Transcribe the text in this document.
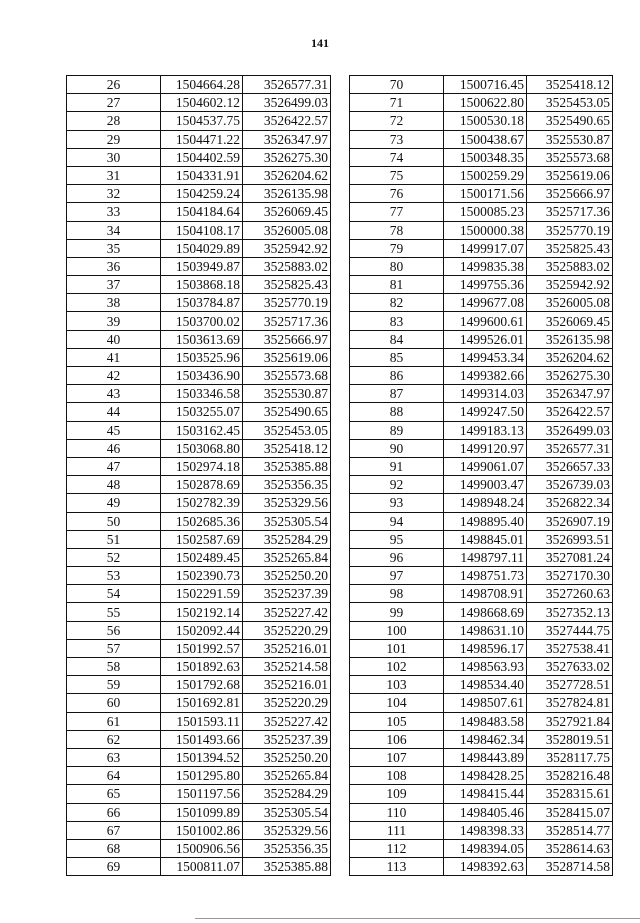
141
26	1504664.28	3526577.31
27	1504602.12	3526499.03
28	1504537.75	3526422.57
29	1504471.22	3526347.97
30	1504402.59	3526275.30
31	1504331.91	3526204.62
32	1504259.24	3526135.98
33	1504184.64	3526069.45
34	1504108.17	3526005.08
35	1504029.89	3525942.92
36	1503949.87	3525883.02
37	1503868.18	3525825.43
38	1503784.87	3525770.19
39	1503700.02	3525717.36
40	1503613.69	3525666.97
41	1503525.96	3525619.06
42	1503436.90	3525573.68
43	1503346.58	3525530.87
44	1503255.07	3525490.65
45	1503162.45	3525453.05
46	1503068.80	3525418.12
47	1502974.18	3525385.88
48	1502878.69	3525356.35
49	1502782.39	3525329.56
50	1502685.36	3525305.54
51	1502587.69	3525284.29
52	1502489.45	3525265.84
53	1502390.73	3525250.20
54	1502291.59	3525237.39
55	1502192.14	3525227.42
56	1502092.44	3525220.29
57	1501992.57	3525216.01
58	1501892.63	3525214.58
59	1501792.68	3525216.01
60	1501692.81	3525220.29
61	1501593.11	3525227.42
62	1501493.66	3525237.39
63	1501394.52	3525250.20
64	1501295.80	3525265.84
65	1501197.56	3525284.29
66	1501099.89	3525305.54
67	1501002.86	3525329.56
68	1500906.56	3525356.35
69	1500811.07	3525385.88
70	1500716.45	3525418.12
71	1500622.80	3525453.05
72	1500530.18	3525490.65
73	1500438.67	3525530.87
74	1500348.35	3525573.68
75	1500259.29	3525619.06
76	1500171.56	3525666.97
77	1500085.23	3525717.36
78	1500000.38	3525770.19
79	1499917.07	3525825.43
80	1499835.38	3525883.02
81	1499755.36	3525942.92
82	1499677.08	3526005.08
83	1499600.61	3526069.45
84	1499526.01	3526135.98
85	1499453.34	3526204.62
86	1499382.66	3526275.30
87	1499314.03	3526347.97
88	1499247.50	3526422.57
89	1499183.13	3526499.03
90	1499120.97	3526577.31
91	1499061.07	3526657.33
92	1499003.47	3526739.03
93	1498948.24	3526822.34
94	1498895.40	3526907.19
95	1498845.01	3526993.51
96	1498797.11	3527081.24
97	1498751.73	3527170.30
98	1498708.91	3527260.63
99	1498668.69	3527352.13
100	1498631.10	3527444.75
101	1498596.17	3527538.41
102	1498563.93	3527633.02
103	1498534.40	3527728.51
104	1498507.61	3527824.81
105	1498483.58	3527921.84
106	1498462.34	3528019.51
107	1498443.89	3528117.75
108	1498428.25	3528216.48
109	1498415.44	3528315.61
110	1498405.46	3528415.07
111	1498398.33	3528514.77
112	1498394.05	3528614.63
113	1498392.63	3528714.58
